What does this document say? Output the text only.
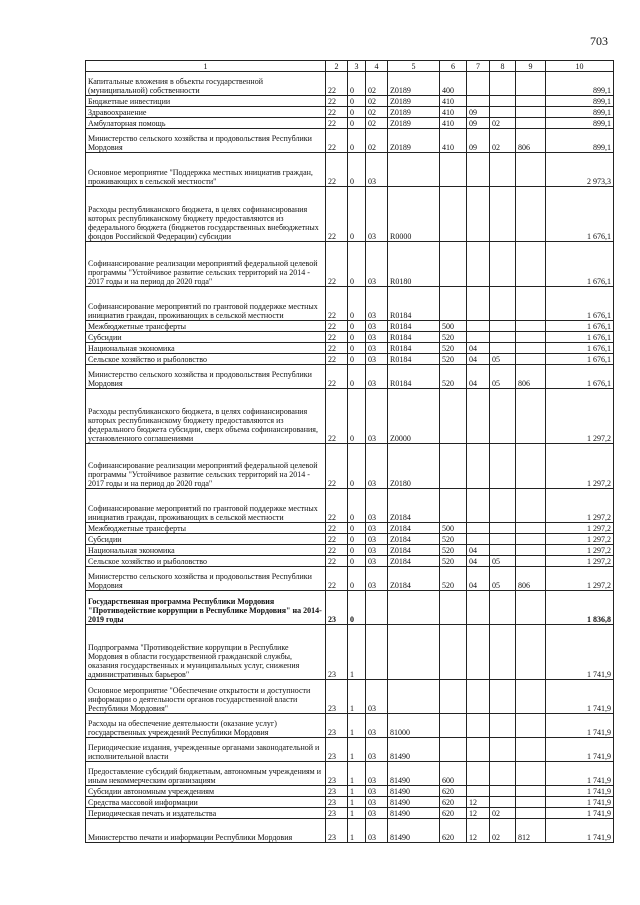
703
1	2	3	4	5	6	7	8	9	10
Капитальные вложения в объекты государственной (муниципальной) собственности	22	0	02	Z0189	400				899,1
Бюджетные инвестиции	22	0	02	Z0189	410				899,1
Здравоохранение	22	0	02	Z0189	410	09			899,1
Амбулаторная помощь	22	0	02	Z0189	410	09	02		899,1
Министерство сельского хозяйства и продовольствия Республики Мордовия	22	0	02	Z0189	410	09	02	806	899,1
Основное мероприятие "Поддержка местных инициатив граждан, проживающих в сельской местности"	22	0	03						2 973,3
Расходы республиканского бюджета, в целях софинансирования которых республиканскому бюджету предоставляются из федерального бюджета (бюджетов государственных внебюджетных фондов Российской Федерации) субсидии	22	0	03	R0000					1 676,1
Софинансирование реализации мероприятий федеральной целевой программы "Устойчивое развитие сельских территорий на 2014 - 2017 годы и на период до 2020 года"	22	0	03	R0180					1 676,1
Софинансирование мероприятий по грантовой поддержке местных инициатив граждан, проживающих в сельской местности	22	0	03	R0184					1 676,1
Межбюджетные трансферты	22	0	03	R0184	500				1 676,1
Субсидии	22	0	03	R0184	520				1 676,1
Национальная экономика	22	0	03	R0184	520	04			1 676,1
Сельское хозяйство и рыболовство	22	0	03	R0184	520	04	05		1 676,1
Министерство сельского хозяйства и продовольствия Республики Мордовия	22	0	03	R0184	520	04	05	806	1 676,1
Расходы республиканского бюджета, в целях софинансирования которых республиканскому бюджету предоставляются из федерального бюджета субсидии, сверх объема софинансирования, установленного соглашениями	22	0	03	Z0000					1 297,2
Софинансирование реализации мероприятий федеральной целевой программы "Устойчивое развитие сельских территорий на 2014 - 2017 годы и на период до 2020 года"	22	0	03	Z0180					1 297,2
Софинансирование мероприятий по грантовой поддержке местных инициатив граждан, проживающих в сельской местности	22	0	03	Z0184					1 297,2
Межбюджетные трансферты	22	0	03	Z0184	500				1 297,2
Субсидии	22	0	03	Z0184	520				1 297,2
Национальная экономика	22	0	03	Z0184	520	04			1 297,2
Сельское хозяйство и рыболовство	22	0	03	Z0184	520	04	05		1 297,2
Министерство сельского хозяйства и продовольствия Республики Мордовия	22	0	03	Z0184	520	04	05	806	1 297,2
Государственная программа Республики Мордовия "Противодействие коррупции в Республике Мордовия" на 2014-2019 годы	23	0							1 836,8
Подпрограмма "Противодействие коррупции в Республике Мордовия в области государственной гражданской службы, оказания государственных и муниципальных услуг, снижения административных барьеров"	23	1							1 741,9
Основное мероприятие "Обеспечение открытости и доступности информации о деятельности органов государственной власти Республики Мордовия"	23	1	03						1 741,9
Расходы на обеспечение деятельности (оказание услуг) государственных учреждений Республики Мордовия	23	1	03	81000					1 741,9
Периодические издания, учрежденные органами законодательной и исполнительной власти	23	1	03	81490					1 741,9
Предоставление субсидий бюджетным, автономным учреждениям и иным некоммерческим организациям	23	1	03	81490	600				1 741,9
Субсидии автономным учреждениям	23	1	03	81490	620				1 741,9
Средства массовой информации	23	1	03	81490	620	12			1 741,9
Периодическая печать и издательства	23	1	03	81490	620	12	02		1 741,9
Министерство печати и информации Республики Мордовия	23	1	03	81490	620	12	02	812	1 741,9
